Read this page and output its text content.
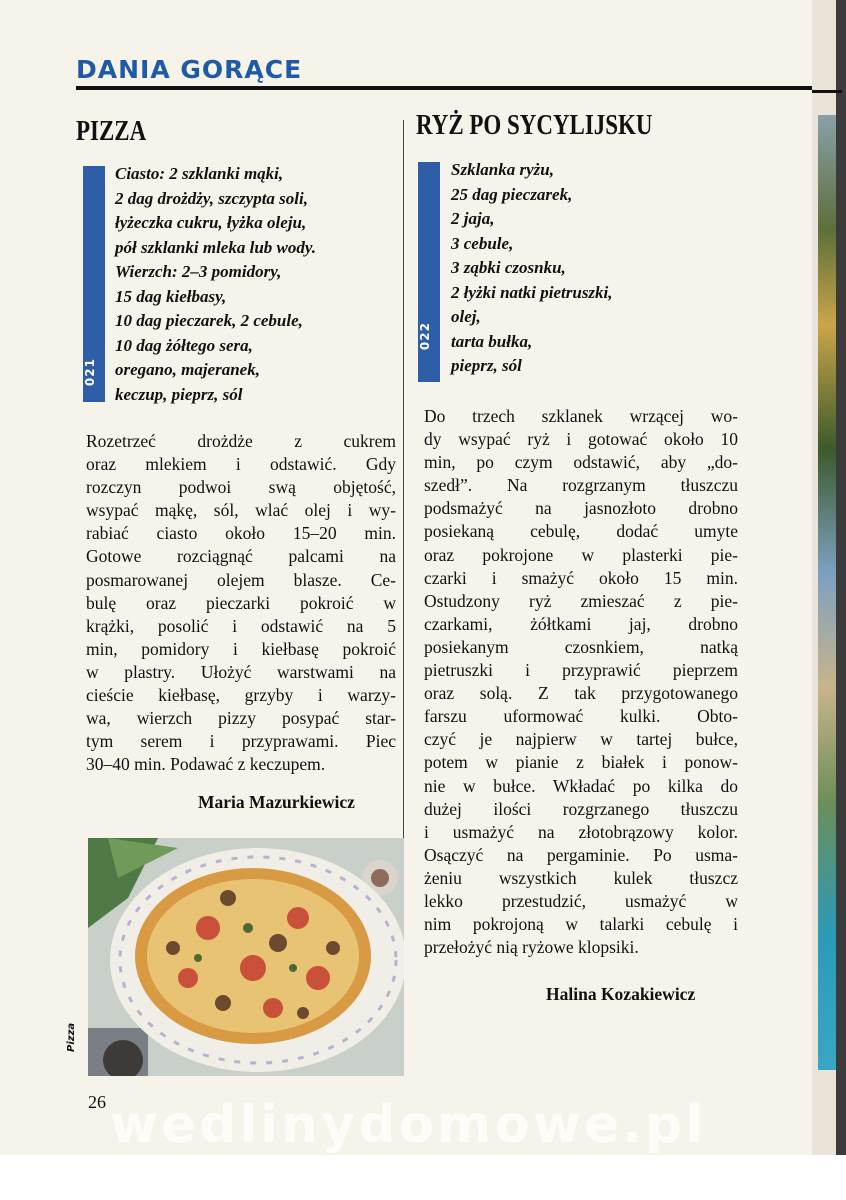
DANIA GORĄCE
PIZZA
021
Ciasto: 2 szklanki mąki,
2 dag drożdży, szczypta soli,
łyżeczka cukru, łyżka oleju,
pół szklanki mleka lub wody.
Wierzch: 2–3 pomidory,
15 dag kiełbasy,
10 dag pieczarek, 2 cebule,
10 dag żółtego sera,
oregano, majeranek,
keczup, pieprz, sól
Rozetrzeć drożdże z cukrem
oraz mlekiem i odstawić. Gdy
rozczyn podwoi swą objętość,
wsypać mąkę, sól, wlać olej i wy-
rabiać ciasto około 15–20 min.
Gotowe rozciągnąć palcami na
posmarowanej olejem blasze. Ce-
bulę oraz pieczarki pokroić w
krążki, posolić i odstawić na 5
min, pomidory i kiełbasę pokroić
w plastry. Ułożyć warstwami na
cieście kiełbasę, grzyby i warzy-
wa, wierzch pizzy posypać star-
tym serem i przyprawami. Piec
30–40 min. Podawać z keczupem.
Maria Mazurkiewicz
Pizza
26
RYŻ PO SYCYLIJSKU
022
Szklanka ryżu,
25 dag pieczarek,
2 jaja,
3 cebule,
3 ząbki czosnku,
2 łyżki natki pietruszki,
olej,
tarta bułka,
pieprz, sól
Do trzech szklanek wrzącej wo-
dy wsypać ryż i gotować około 10
min, po czym odstawić, aby „do-
szedł”. Na rozgrzanym tłuszczu
podsmażyć na jasnozłoto drobno
posiekaną cebulę, dodać umyte
oraz pokrojone w plasterki pie-
czarki i smażyć około 15 min.
Ostudzony ryż zmieszać z pie-
czarkami, żółtkami jaj, drobno
posiekanym czosnkiem, natką
pietruszki i przyprawić pieprzem
oraz solą. Z tak przygotowanego
farszu uformować kulki. Obto-
czyć je najpierw w tartej bułce,
potem w pianie z białek i ponow-
nie w bułce. Wkładać po kilka do
dużej ilości rozgrzanego tłuszczu
i usmażyć na złotobrązowy kolor.
Osączyć na pergaminie. Po usma-
żeniu wszystkich kulek tłuszcz
lekko przestudzić, usmażyć w
nim pokrojoną w talarki cebulę i
przełożyć nią ryżowe klopsiki.
Halina Kozakiewicz
wedlinydomowe.pl
